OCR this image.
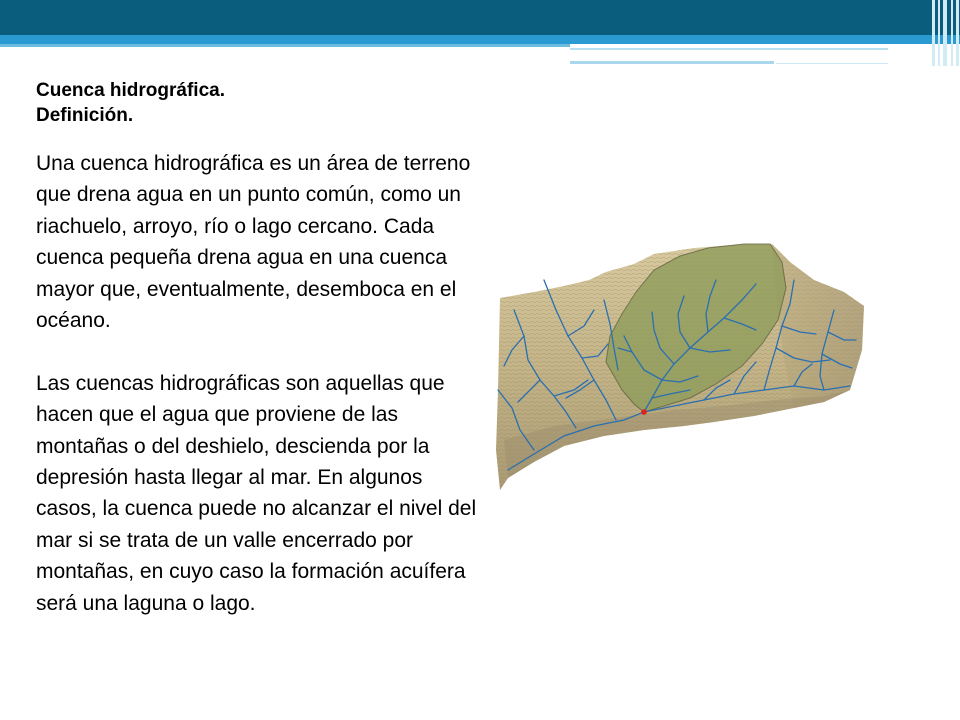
Cuenca hidrográfica.
Definición.

Una cuenca hidrográfica es un área de terreno que drena agua en un punto común, como un riachuelo, arroyo, río o lago cercano. Cada cuenca pequeña drena agua en una cuenca mayor que, eventualmente, desemboca en el océano.

Las cuencas hidrográficas son aquellas que hacen que el agua que proviene de las montañas o del deshielo, descienda por la depresión hasta llegar al mar. En algunos casos, la cuenca puede no alcanzar el nivel del mar si se trata de un valle encerrado por montañas, en cuyo caso la formación acuífera será una laguna o lago.
